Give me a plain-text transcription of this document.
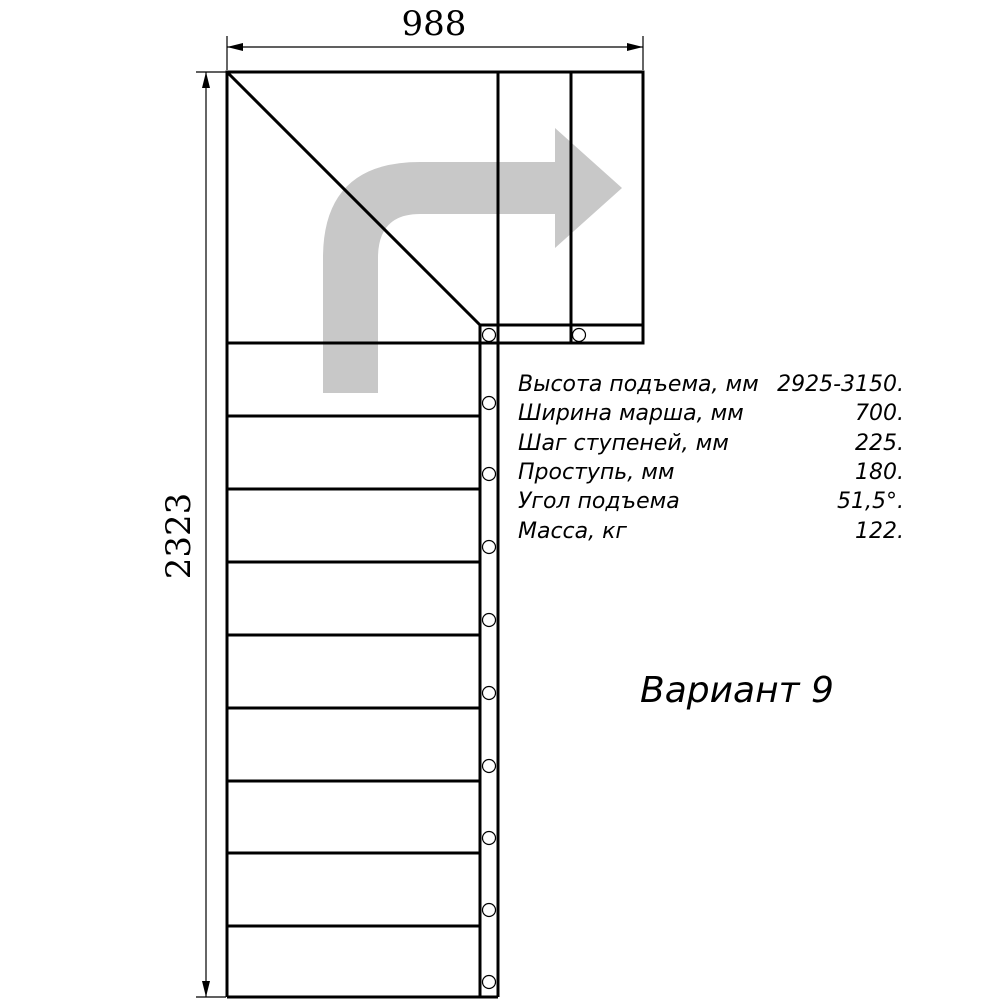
988
2323
Высота подъема, мм 2925-3150.
Ширина марша, мм	700.
Шаг ступеней, мм	225.
Проступь, мм	180.
Угол подъема	51,5°.
Масса, кг	122.
Вариант 9
